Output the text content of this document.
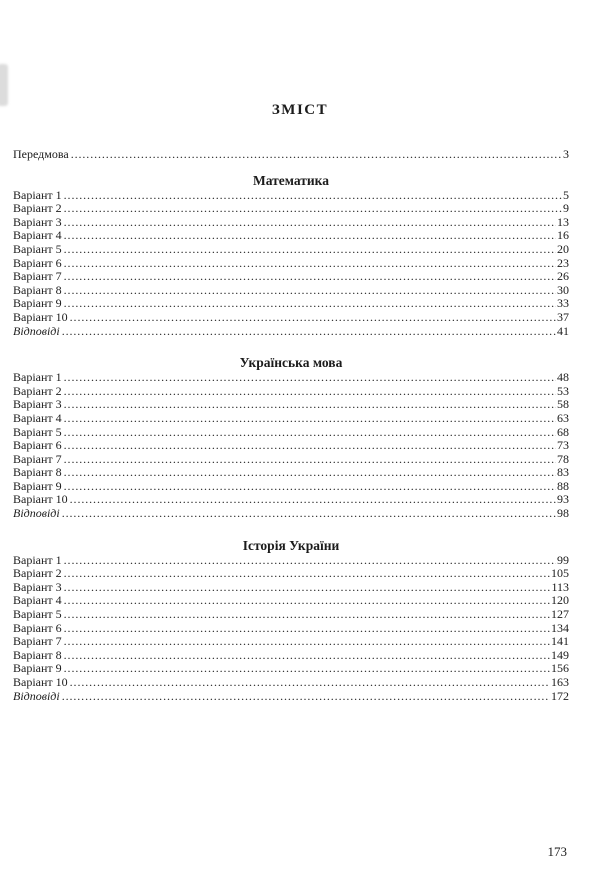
ЗМІСТ
Передмова .....	3
Математика
Варіант 1 .....	5
Варіант 2 .....	9
Варіант 3 .....	13
Варіант 4 .....	16
Варіант 5 .....	20
Варіант 6 .....	23
Варіант 7 .....	26
Варіант 8 .....	30
Варіант 9 .....	33
Варіант 10 .....	37
Відповіді .....	41
Українська мова
Варіант 1 .....	48
Варіант 2 .....	53
Варіант 3 .....	58
Варіант 4 .....	63
Варіант 5 .....	68
Варіант 6 .....	73
Варіант 7 .....	78
Варіант 8 .....	83
Варіант 9 .....	88
Варіант 10 .....	93
Відповіді .....	98
Історія України
Варіант 1 .....	99
Варіант 2 .....	105
Варіант 3 .....	113
Варіант 4 .....	120
Варіант 5 .....	127
Варіант 6 .....	134
Варіант 7 .....	141
Варіант 8 .....	149
Варіант 9 .....	156
Варіант 10 .....	163
Відповіді .....	172
173
